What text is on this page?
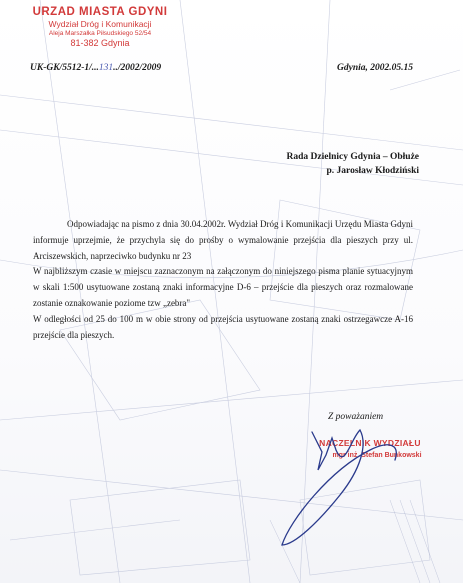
URZAD MIASTA GDYNI
Wydział Dróg i Komunikacji
Aleja Marszałka Piłsudskiego 52/54
81-382 Gdynia
UK-GK/5512-1/...131../2002/2009	Gdynia, 2002.05.15
Rada Dzielnicy Gdynia – Obłuże
p. Jarosław Kłodziński

Odpowiadając na pismo z dnia 30.04.2002r. Wydział Dróg i Komunikacji Urzędu Miasta Gdyni informuje uprzejmie, że przychyla się do prośby o wymalowanie przejścia dla pieszych przy ul. Arciszewskich, naprzeciwko budynku nr 23

W najbliższym czasie w miejscu zaznaczonym na załączonym do niniejszego pisma planie sytuacyjnym w skali 1:500 usytuowane zostaną znaki informacyjne D-6 – przejście dla pieszych oraz rozmalowane zostanie oznakowanie poziome tzw „zebra"

W odległości od 25 do 100 m w obie strony od przejścia usytuowane zostaną znaki ostrzegawcze A-16 przejście dla pieszych.

Z poważaniem
NACZELNIK WYDZIAŁU
mgr inż. Stefan Bunkowski
